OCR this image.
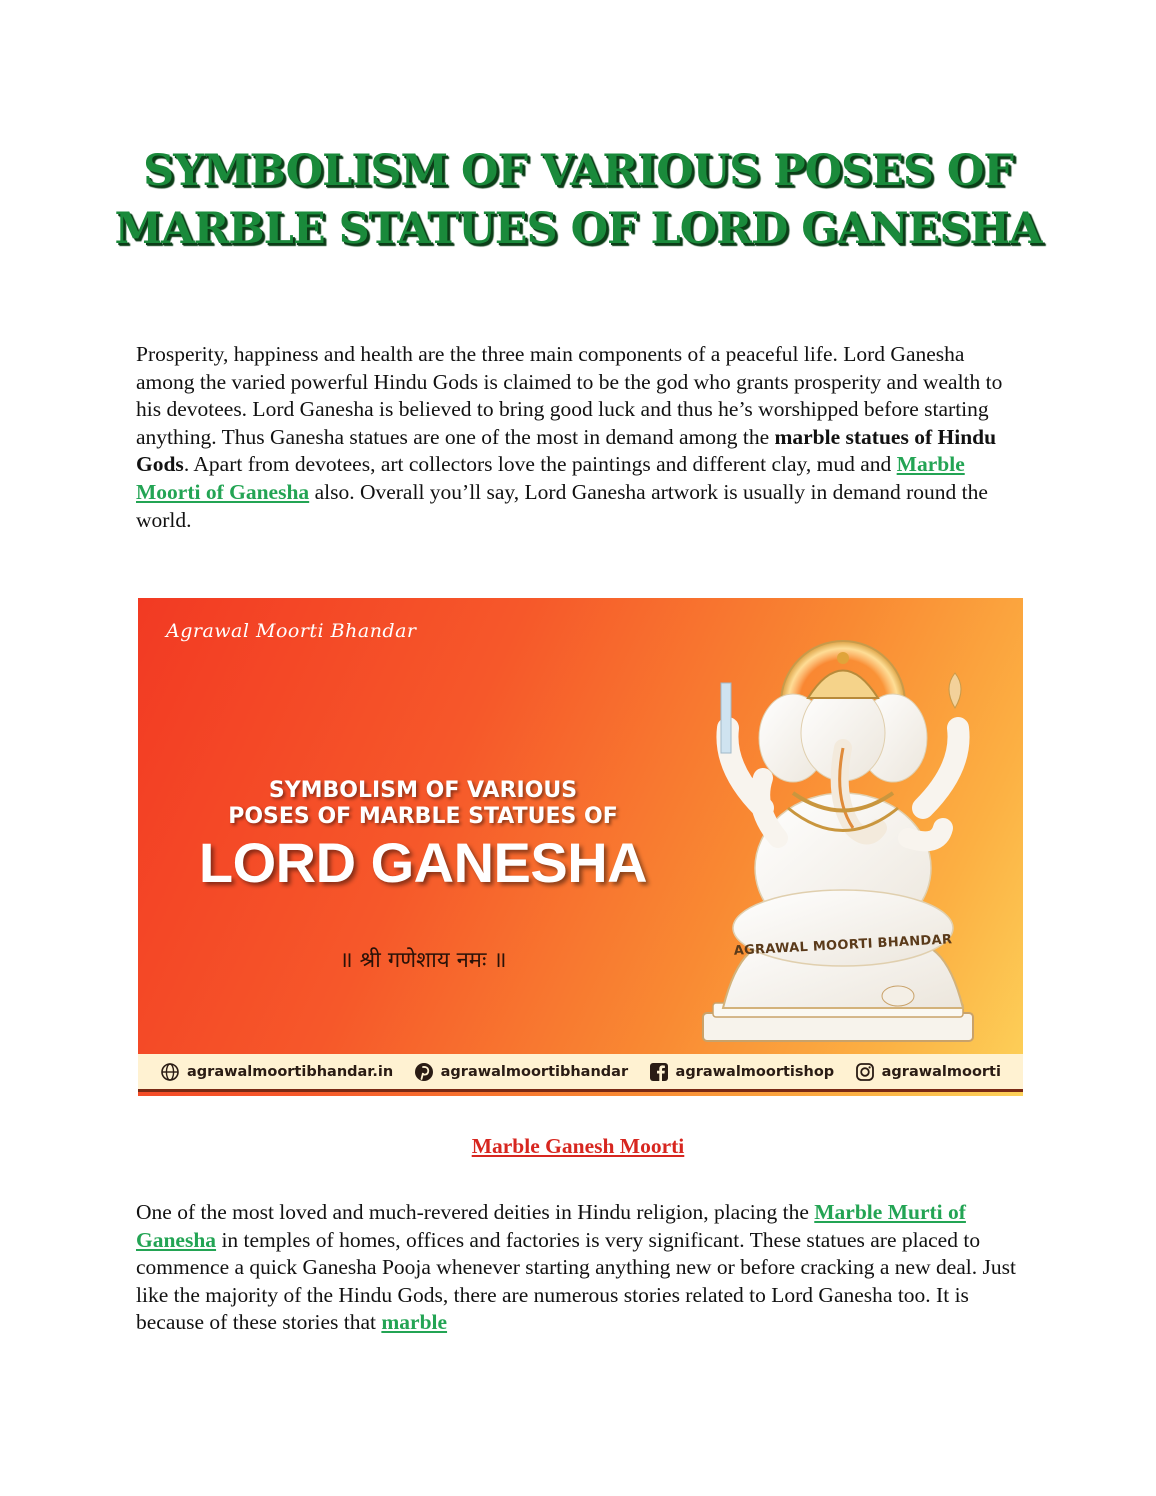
SYMBOLISM OF VARIOUS POSES OF
MARBLE STATUES OF LORD GANESHA

Prosperity, happiness and health are the three main components of a peaceful life. Lord Ganesha among the varied powerful Hindu Gods is claimed to be the god who grants prosperity and wealth to his devotees. Lord Ganesha is believed to bring good luck and thus he’s worshipped before starting anything. Thus Ganesha statues are one of the most in demand among the marble statues of Hindu Gods. Apart from devotees, art collectors love the paintings and different clay, mud and Marble Moorti of Ganesha also. Overall you’ll say, Lord Ganesha artwork is usually in demand round the world.

Agrawal Moorti Bhandar
SYMBOLISM OF VARIOUS
POSES OF MARBLE STATUES OF
LORD GANESHA
॥ श्री गणेशाय नमः ॥
AGRAWAL MOORTI BHANDAR
agrawalmoortibhandar.in	agrawalmoortibhandar	agrawalmoortishop	agrawalmoorti
Marble Ganesh Moorti

One of the most loved and much-revered deities in Hindu religion, placing the Marble Murti of Ganesha in temples of homes, offices and factories is very significant. These statues are placed to commence a quick Ganesha Pooja whenever starting anything new or before cracking a new deal. Just like the majority of the Hindu Gods, there are numerous stories related to Lord Ganesha too. It is because of these stories that marble
